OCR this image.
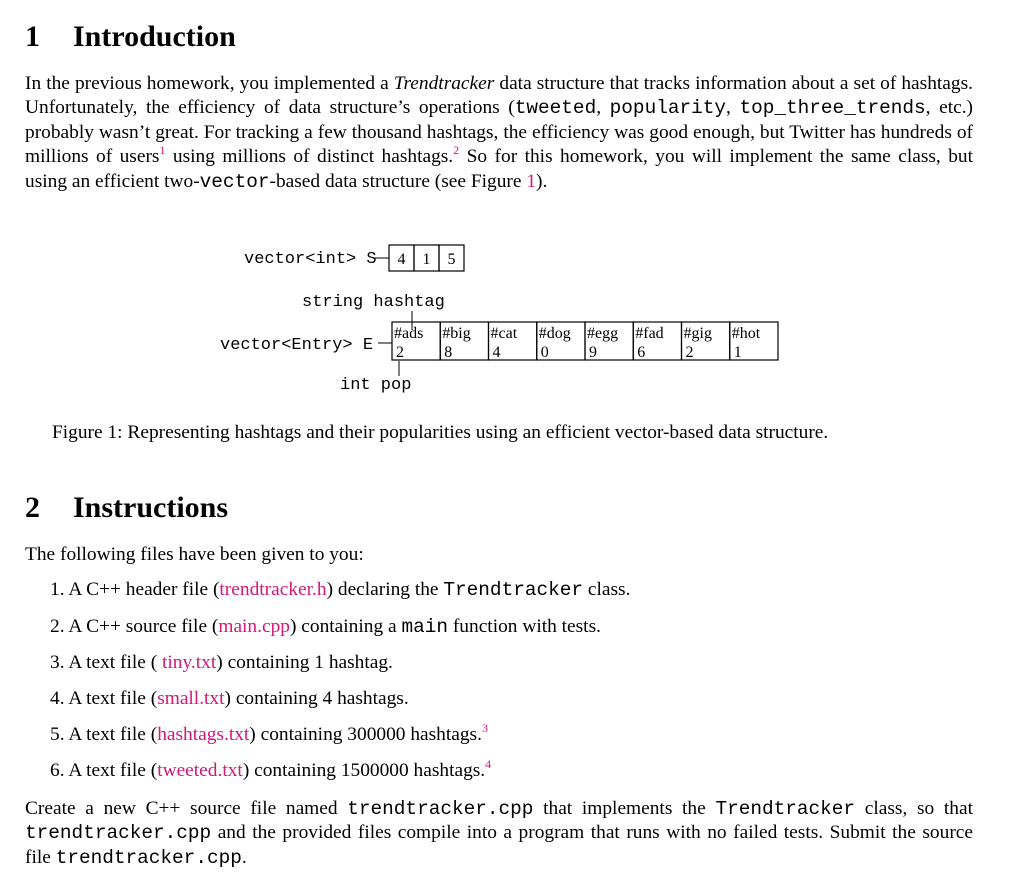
1 Introduction

In the previous homework, you implemented a Trendtracker data structure that tracks information about a set of hashtags. Unfortunately, the efficiency of data structure’s operations (tweeted, popularity, top_three_trends, etc.) probably wasn’t great. For tracking a few thousand hashtags, the efficiency was good enough, but Twitter has hundreds of millions of users$^1$ using millions of distinct hashtags.$^2$ So for this homework, you will implement the same class, but using an efficient two-vector-based data structure (see Figure 1).

vector<int> S 4 1 5
string hashtag
vector<Entry> E
#ads
2
#big
8
#cat
4
#dog
0
#egg
9
#fad
6
#gig
2
#hot
1
int pop
Figure 1: Representing hashtags and their popularities using an efficient vector-based data structure.
2 Instructions

The following files have been given to you:

1. A C++ header file (trendtracker.h) declaring the Trendtracker class.
2. A C++ source file (main.cpp) containing a main function with tests.
3. A text file ( tiny.txt) containing 1 hashtag.
4. A text file (small.txt) containing 4 hashtags.
5. A text file (hashtags.txt) containing 300000 hashtags.$^3$
6. A text file (tweeted.txt) containing 1500000 hashtags.$^4$

Create a new C++ source file named trendtracker.cpp that implements the Trendtracker class, so that trendtracker.cpp and the provided files compile into a program that runs with no failed tests. Submit the source file trendtracker.cpp.
